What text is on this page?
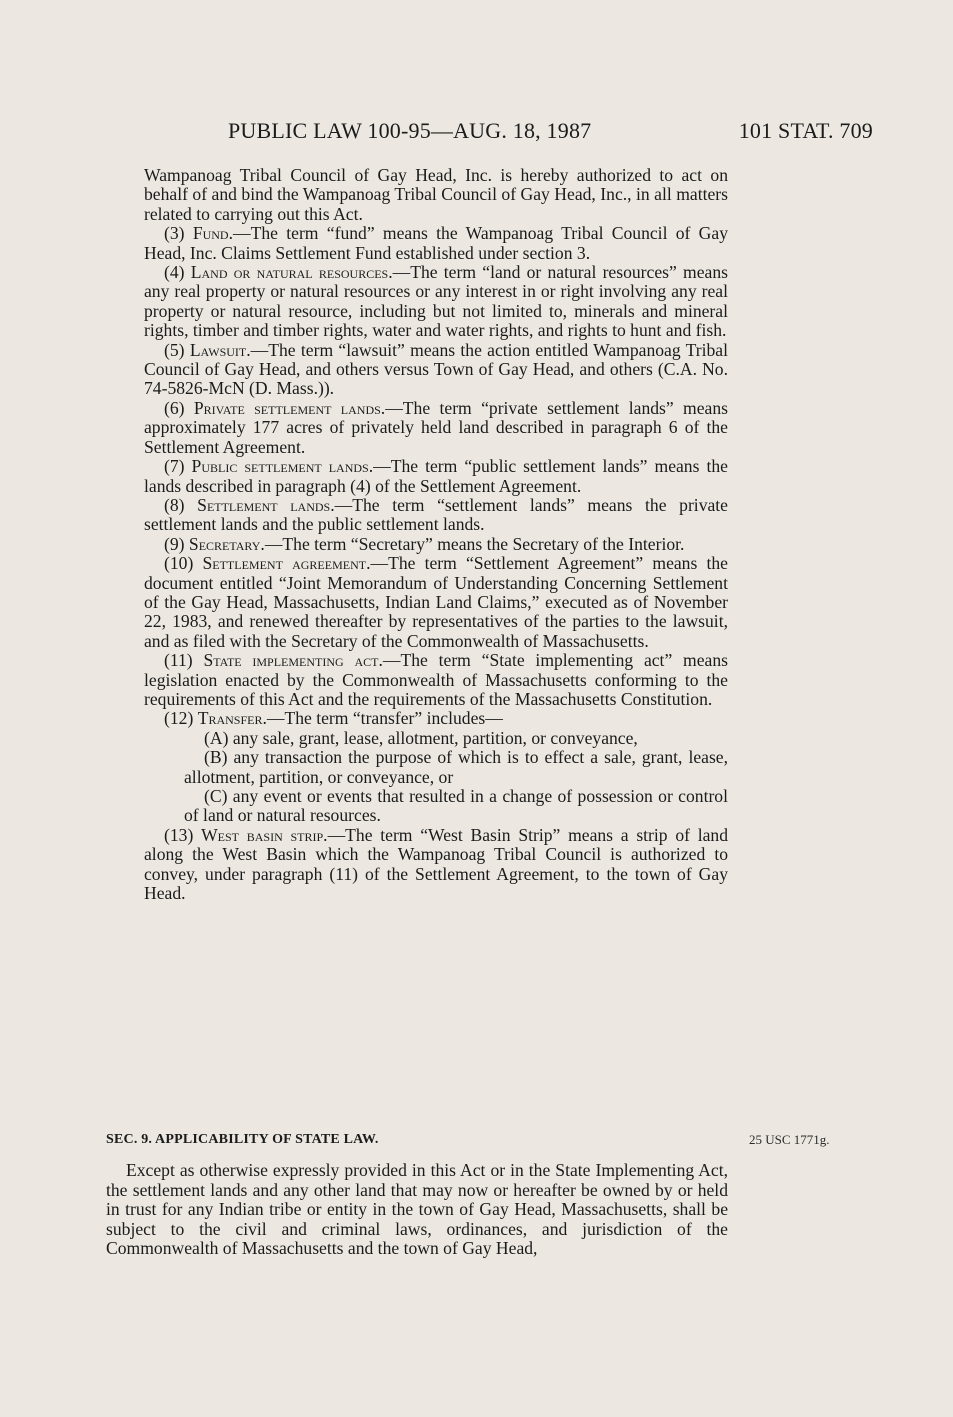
PUBLIC LAW 100-95—AUG. 18, 1987	101 STAT. 709

Wampanoag Tribal Council of Gay Head, Inc. is hereby authorized to act on behalf of and bind the Wampanoag Tribal Council of Gay Head, Inc., in all matters related to carrying out this Act.

(3) Fund.—The term “fund” means the Wampanoag Tribal Council of Gay Head, Inc. Claims Settlement Fund established under section 3.

(4) Land or natural resources.—The term “land or natural resources” means any real property or natural resources or any interest in or right involving any real property or natural resource, including but not limited to, minerals and mineral rights, timber and timber rights, water and water rights, and rights to hunt and fish.

(5) Lawsuit.—The term “lawsuit” means the action entitled Wampanoag Tribal Council of Gay Head, and others versus Town of Gay Head, and others (C.A. No. 74-5826-McN (D. Mass.)).

(6) Private settlement lands.—The term “private settlement lands” means approximately 177 acres of privately held land described in paragraph 6 of the Settlement Agreement.

(7) Public settlement lands.—The term “public settlement lands” means the lands described in paragraph (4) of the Settlement Agreement.

(8) Settlement lands.—The term “settlement lands” means the private settlement lands and the public settlement lands.

(9) Secretary.—The term “Secretary” means the Secretary of the Interior.

(10) Settlement agreement.—The term “Settlement Agreement” means the document entitled “Joint Memorandum of Understanding Concerning Settlement of the Gay Head, Massachusetts, Indian Land Claims,” executed as of November 22, 1983, and renewed thereafter by representatives of the parties to the lawsuit, and as filed with the Secretary of the Commonwealth of Massachusetts.

(11) State implementing act.—The term “State implementing act” means legislation enacted by the Commonwealth of Massachusetts conforming to the requirements of this Act and the requirements of the Massachusetts Constitution.

(12) Transfer.—The term “transfer” includes—

(A) any sale, grant, lease, allotment, partition, or conveyance,

(B) any transaction the purpose of which is to effect a sale, grant, lease, allotment, partition, or conveyance, or

(C) any event or events that resulted in a change of possession or control of land or natural resources.

(13) West basin strip.—The term “West Basin Strip” means a strip of land along the West Basin which the Wampanoag Tribal Council is authorized to convey, under paragraph (11) of the Settlement Agreement, to the town of Gay Head.

25 USC 1771g.
SEC. 9. APPLICABILITY OF STATE LAW.

Except as otherwise expressly provided in this Act or in the State Implementing Act, the settlement lands and any other land that may now or hereafter be owned by or held in trust for any Indian tribe or entity in the town of Gay Head, Massachusetts, shall be subject to the civil and criminal laws, ordinances, and jurisdiction of the Commonwealth of Massachusetts and the town of Gay Head,
